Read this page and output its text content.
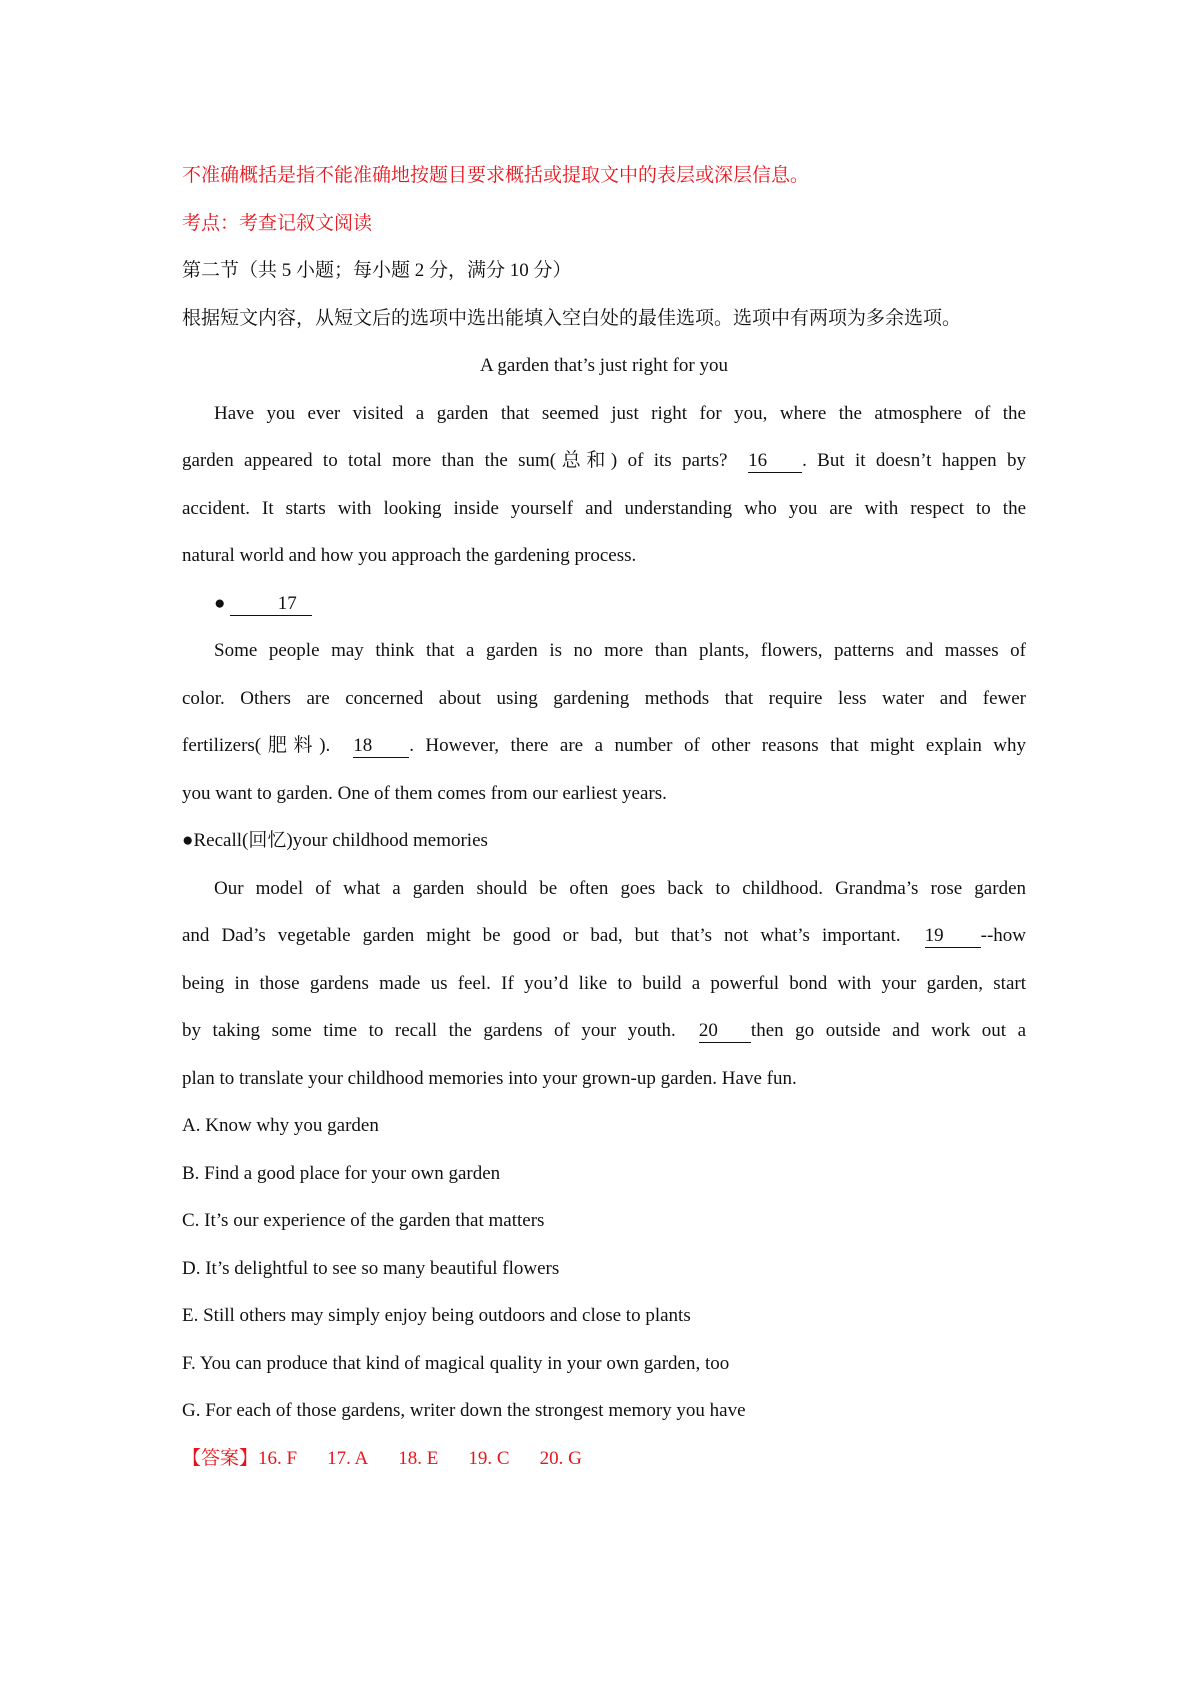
不准确概括是指不能准确地按题目要求概括或提取文中的表层或深层信息。
考点：考查记叙文阅读
第二节（共 5 小题；每小题 2 分，满分 10 分）
根据短文内容，从短文后的选项中选出能填入空白处的最佳选项。选项中有两项为多余选项。
A garden that’s just right for you
Have you ever visited a garden that seemed just right for you, where the atmosphere of the
garden appeared to total more than the sum(总和) of its parts? 16 . But it doesn’t happen by
accident. It starts with looking inside yourself and understanding who you are with respect to the
natural world and how you approach the gardening process.
●	17
Some people may think that a garden is no more than plants, flowers, patterns and masses of
color. Others are concerned about using gardening methods that require less water and fewer
fertilizers(肥料). 18 . However, there are a number of other reasons that might explain why
you want to garden. One of them comes from our earliest years.
●Recall(回忆)your childhood memories
Our model of what a garden should be often goes back to childhood. Grandma’s rose garden
and Dad’s vegetable garden might be good or bad, but that’s not what’s important. 19 --how
being in those gardens made us feel. If you’d like to build a powerful bond with your garden, start
by taking some time to recall the gardens of your youth. 20 then go outside and work out a
plan to translate your childhood memories into your grown-up garden. Have fun.
A. Know why you garden
B. Find a good place for your own garden
C. It’s our experience of the garden that matters
D. It’s delightful to see so many beautiful flowers
E. Still others may simply enjoy being outdoors and close to plants
F. You can produce that kind of magical quality in your own garden, too
G. For each of those gardens, writer down the strongest memory you have
【答案】16. F 17. A 18. E 19. C 20. G
